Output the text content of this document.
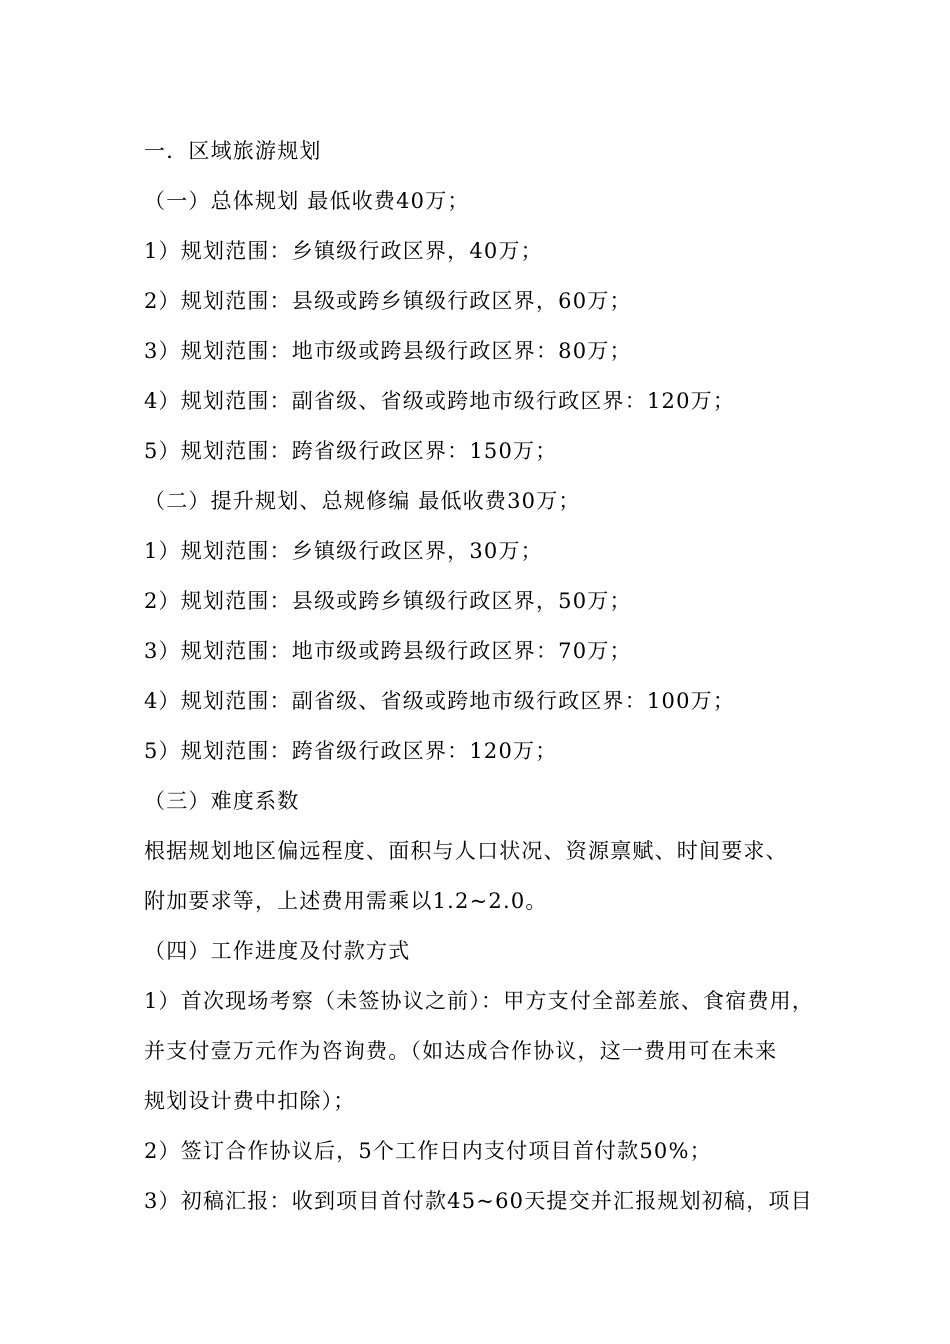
一．区域旅游规划
（一）总体规划 最低收费40万；
1）规划范围：乡镇级行政区界，40万；
2）规划范围：县级或跨乡镇级行政区界，60万；
3）规划范围：地市级或跨县级行政区界：80万；
4）规划范围：副省级、省级或跨地市级行政区界：120万；
5）规划范围：跨省级行政区界：150万；
（二）提升规划、总规修编 最低收费30万；
1）规划范围：乡镇级行政区界，30万；
2）规划范围：县级或跨乡镇级行政区界，50万；
3）规划范围：地市级或跨县级行政区界：70万；
4）规划范围：副省级、省级或跨地市级行政区界：100万；
5）规划范围：跨省级行政区界：120万；
（三）难度系数
根据规划地区偏远程度、面积与人口状况、资源禀赋、时间要求、
附加要求等，上述费用需乘以1.2~2.0。
（四）工作进度及付款方式
1）首次现场考察（未签协议之前）：甲方支付全部差旅、食宿费用，
并支付壹万元作为咨询费。（如达成合作协议，这一费用可在未来
规划设计费中扣除）；
2）签订合作协议后，5个工作日内支付项目首付款50%；
3）初稿汇报：收到项目首付款45~60天提交并汇报规划初稿，项目
